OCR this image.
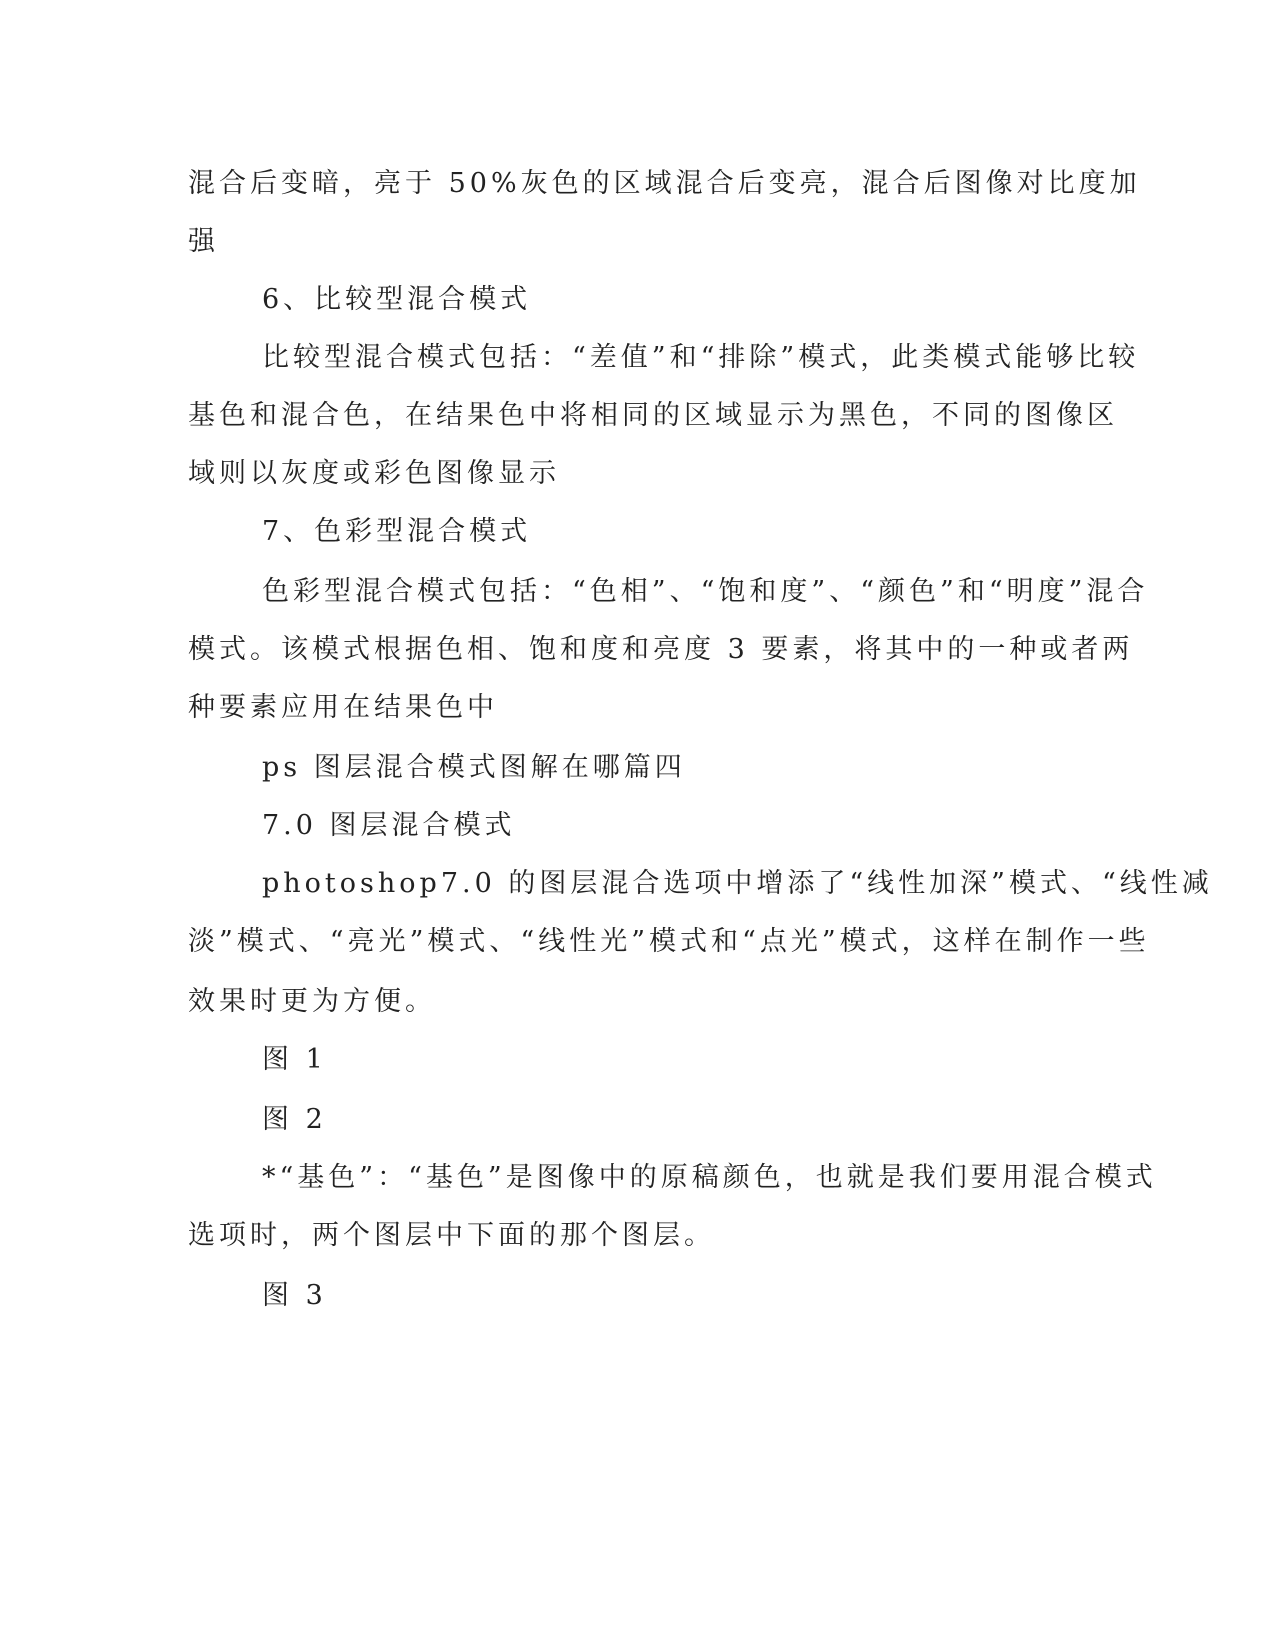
混合后变暗，亮于 50%灰色的区域混合后变亮，混合后图像对比度加
强
6、比较型混合模式
比较型混合模式包括：“差值”和“排除”模式，此类模式能够比较
基色和混合色，在结果色中将相同的区域显示为黑色，不同的图像区
域则以灰度或彩色图像显示
7、色彩型混合模式
色彩型混合模式包括：“色相”、“饱和度”、“颜色”和“明度”混合
模式。该模式根据色相、饱和度和亮度 3 要素，将其中的一种或者两
种要素应用在结果色中
ps 图层混合模式图解在哪篇四
7.0 图层混合模式
photoshop7.0 的图层混合选项中增添了“线性加深”模式、“线性减
淡”模式、“亮光”模式、“线性光”模式和“点光”模式，这样在制作一些
效果时更为方便。
图 1
图 2
*“基色”：“基色”是图像中的原稿颜色，也就是我们要用混合模式
选项时，两个图层中下面的那个图层。
图 3
